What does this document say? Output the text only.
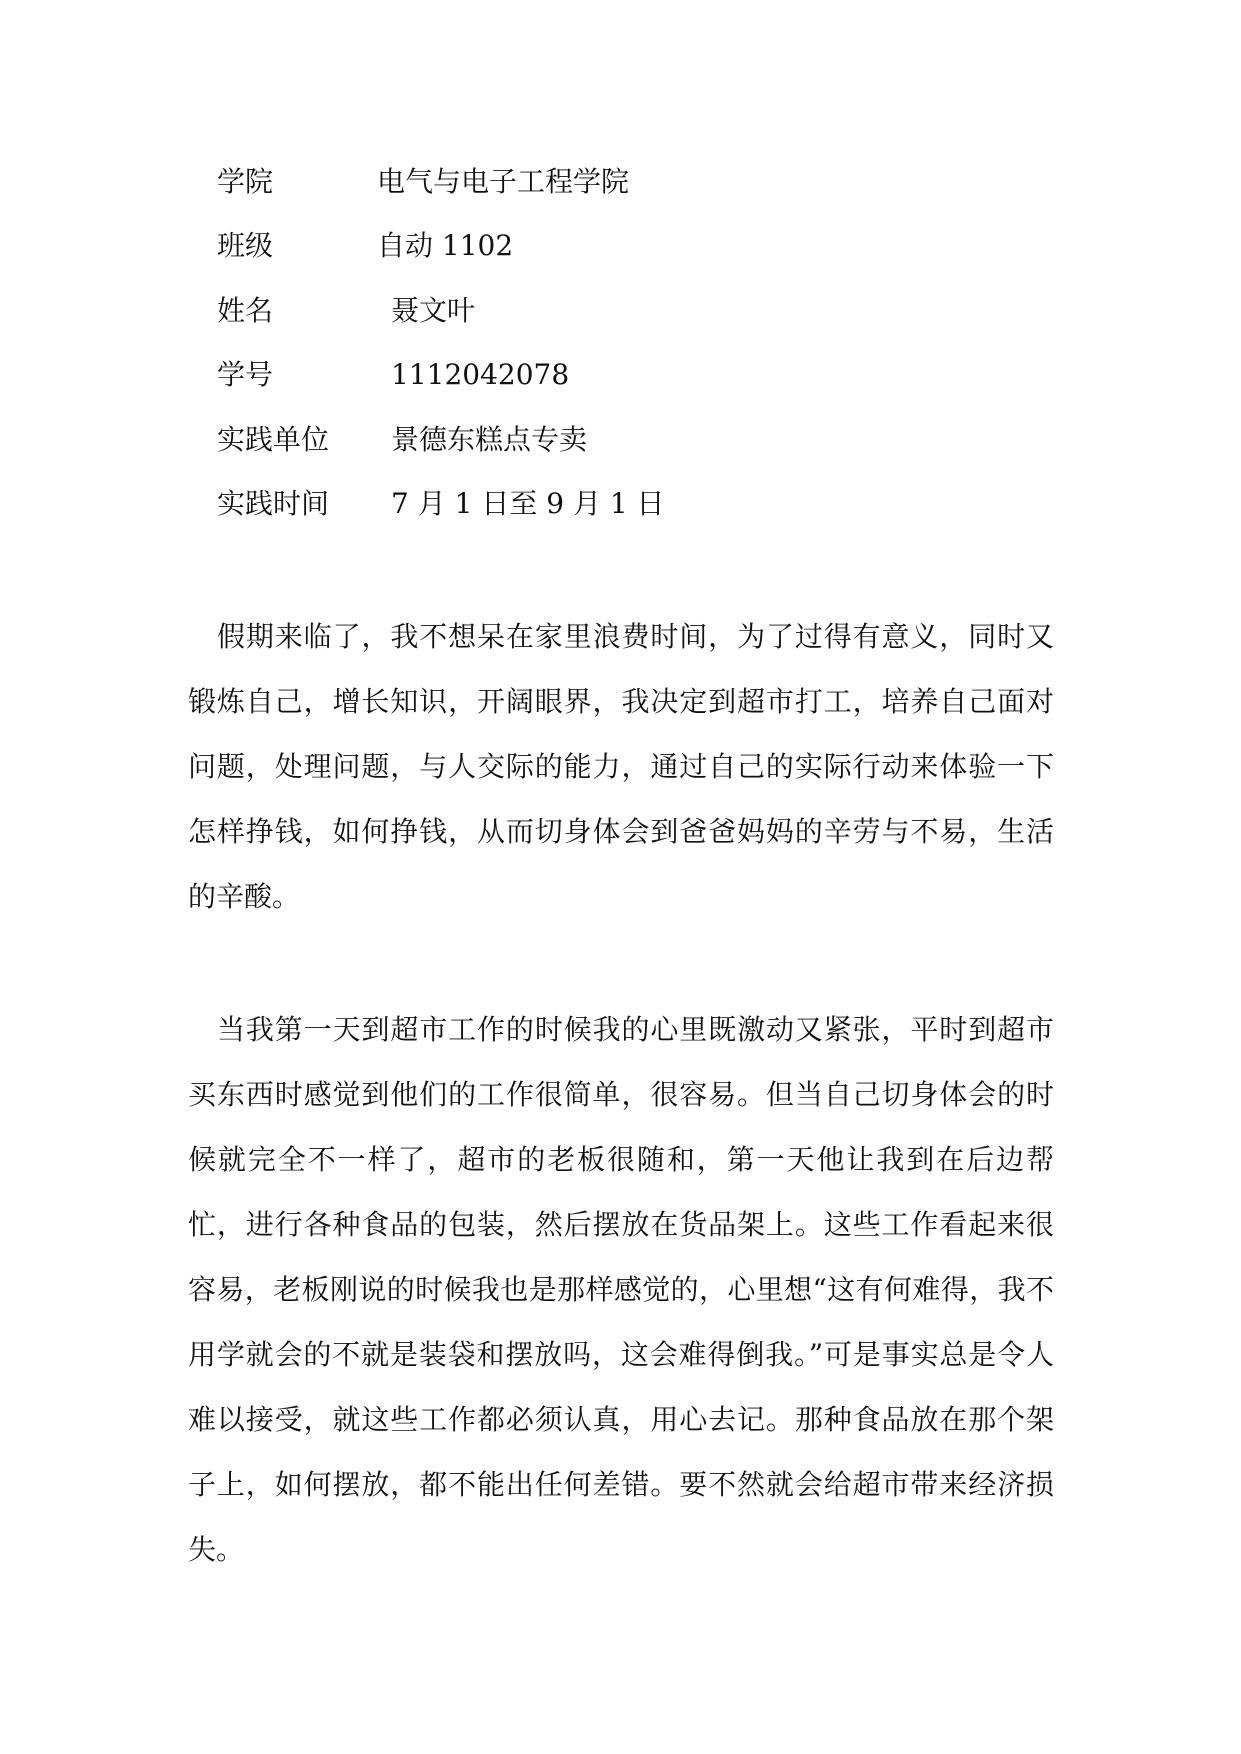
学院	电气与电子工程学院
班级	自动 1102
姓名	聂文叶
学号	1112042078
实践单位 景德东糕点专卖
实践时间 7 月 1 日至 9 月 1 日

假期来临了，我不想呆在家里浪费时间，为了过得有意义，同时又锻炼自己，增长知识，开阔眼界，我决定到超市打工，培养自己面对问题，处理问题，与人交际的能力，通过自己的实际行动来体验一下怎样挣钱，如何挣钱，从而切身体会到爸爸妈妈的辛劳与不易，生活的辛酸。

当我第一天到超市工作的时候我的心里既激动又紧张，平时到超市买东西时感觉到他们的工作很简单，很容易。但当自己切身体会的时候就完全不一样了，超市的老板很随和，第一天他让我到在后边帮忙，进行各种食品的包装，然后摆放在货品架上。这些工作看起来很容易，老板刚说的时候我也是那样感觉的，心里想“这有何难得，我不用学就会的不就是装袋和摆放吗，这会难得倒我。”可是事实总是令人难以接受，就这些工作都必须认真，用心去记。那种食品放在那个架子上，如何摆放，都不能出任何差错。要不然就会给超市带来经济损失。
